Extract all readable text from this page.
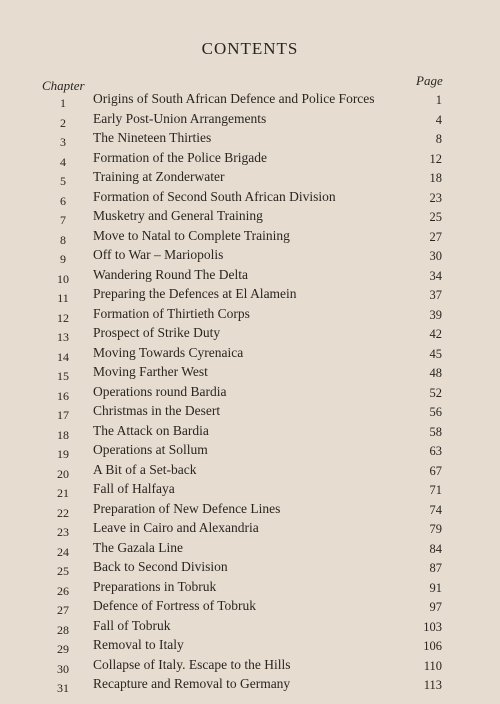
CONTENTS
Chapter	Page
1	Origins of South African Defence and Police Forces	1
2	Early Post-Union Arrangements	4
3	The Nineteen Thirties	8
4	Formation of the Police Brigade	12
5	Training at Zonderwater	18
6	Formation of Second South African Division	23
7	Musketry and General Training	25
8	Move to Natal to Complete Training	27
9	Off to War – Mariopolis	30
10	Wandering Round The Delta	34
11	Preparing the Defences at El Alamein	37
12	Formation of Thirtieth Corps	39
13	Prospect of Strike Duty	42
14	Moving Towards Cyrenaica	45
15	Moving Farther West	48
16	Operations round Bardia	52
17	Christmas in the Desert	56
18	The Attack on Bardia	58
19	Operations at Sollum	63
20	A Bit of a Set-back	67
21	Fall of Halfaya	71
22	Preparation of New Defence Lines	74
23	Leave in Cairo and Alexandria	79
24	The Gazala Line	84
25	Back to Second Division	87
26	Preparations in Tobruk	91
27	Defence of Fortress of Tobruk	97
28	Fall of Tobruk	103
29	Removal to Italy	106
30	Collapse of Italy. Escape to the Hills	110
31	Recapture and Removal to Germany	113
